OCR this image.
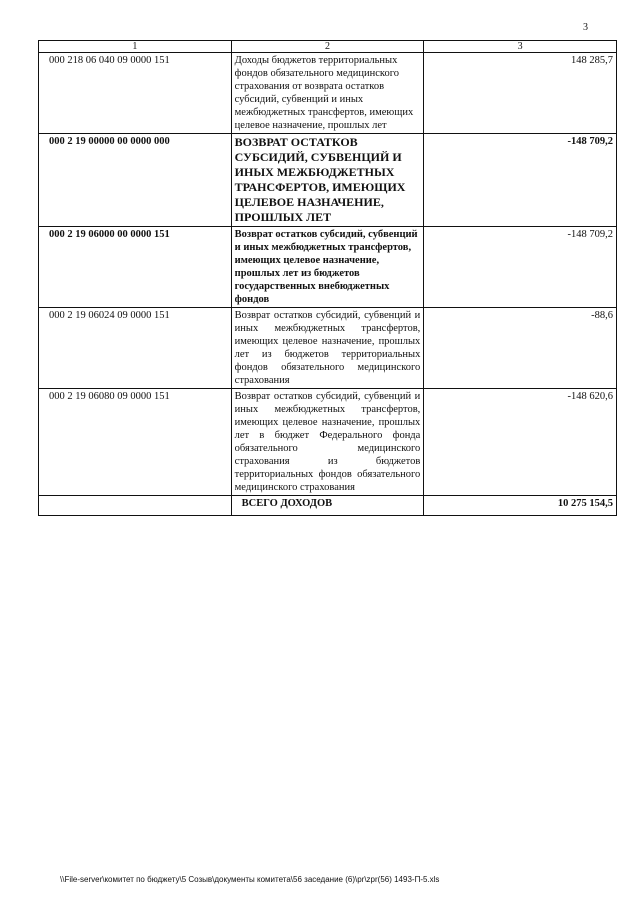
3
1	2	3
000 218 06 040 09 0000 151	Доходы бюджетов территориальных фондов обязательного медицинского страхования от возврата остатков субсидий, субвенций и иных межбюджетных трансфертов, имеющих целевое назначение, прошлых лет	148 285,7
000 2 19 00000 00 0000 000	ВОЗВРАТ ОСТАТКОВ СУБСИДИЙ, СУБВЕНЦИЙ И ИНЫХ МЕЖБЮДЖЕТНЫХ ТРАНСФЕРТОВ, ИМЕЮЩИХ ЦЕЛЕВОЕ НАЗНАЧЕНИЕ, ПРОШЛЫХ ЛЕТ	-148 709,2
000 2 19 06000 00 0000 151	Возврат остатков субсидий, субвенций и иных межбюджетных трансфертов, имеющих целевое назначение, прошлых лет из бюджетов государственных внебюджетных фондов	-148 709,2
000 2 19 06024 09 0000 151	Возврат остатков субсидий, субвенций и иных межбюджетных трансфертов, имеющих целевое назначение, прошлых лет из бюджетов территориальных фондов обязательного медицинского страхования	-88,6
000 2 19 06080 09 0000 151	Возврат остатков субсидий, субвенций и иных межбюджетных трансфертов, имеющих целевое назначение, прошлых лет в бюджет Федерального фонда обязательного медицинского страхования из бюджетов территориальных фондов обязательного медицинского страхования	-148 620,6
	ВСЕГО ДОХОДОВ	10 275 154,5
\\File-server\комитет по бюджету\5 Созыв\документы комитета\56 заседание (6)\pr\zpr(56) 1493-П-5.xls
